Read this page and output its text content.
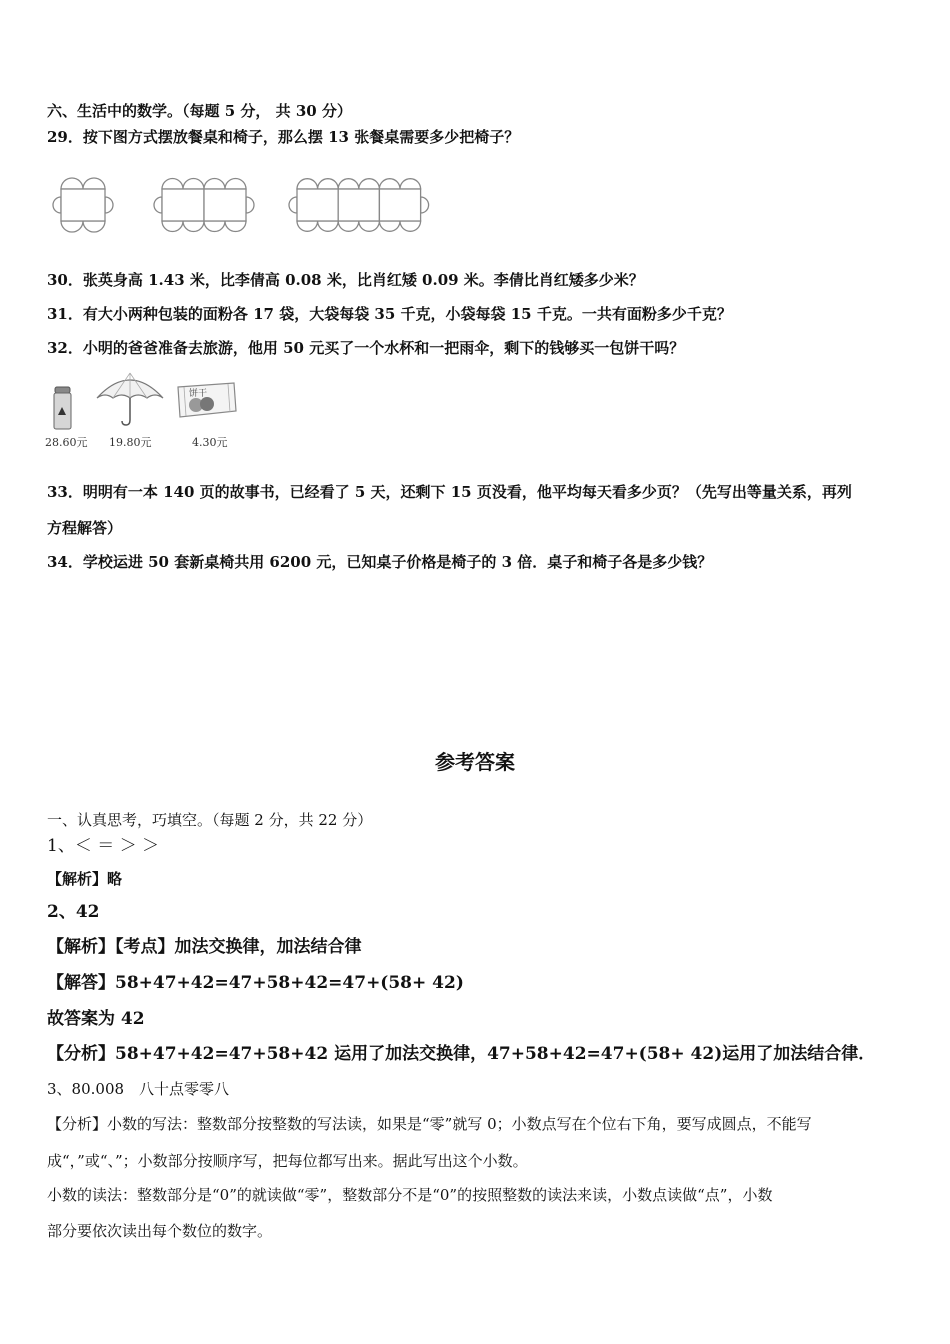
六、生活中的数学。（每题 5 分， 共 30 分）
29．按下图方式摆放餐桌和椅子，那么摆 13 张餐桌需要多少把椅子？
30．张英身高 1.43 米，比李倩高 0.08 米，比肖红矮 0.09 米。李倩比肖红矮多少米？
31．有大小两种包装的面粉各 17 袋，大袋每袋 35 千克，小袋每袋 15 千克。一共有面粉多少千克？
32．小明的爸爸准备去旅游，他用 50 元买了一个水杯和一把雨伞，剩下的钱够买一包饼干吗？
饼干
28.60元 19.80元	4.30元
33．明明有一本 140 页的故事书，已经看了 5 天，还剩下 15 页没看，他平均每天看多少页？（先写出等量关系，再列
方程解答）
34．学校运进 50 套新桌椅共用 6200 元，已知桌子价格是椅子的 3 倍．桌子和椅子各是多少钱？
参考答案
一、认真思考，巧填空。（每题 2 分，共 22 分）
1、＜ ＝ ＞ ＞
【解析】略
2、42
【解析】【考点】加法交换律，加法结合律
【解答】58+47+42=47+58+42=47+(58+ 42)
故答案为 42
【分析】58+47+42=47+58+42 运用了加法交换律，47+58+42=47+(58+ 42)运用了加法结合律．
3、80.008　八十点零零八
【分析】小数的写法：整数部分按整数的写法读，如果是“零”就写 0；小数点写在个位右下角，要写成圆点，不能写
成“，”或“、”；小数部分按顺序写，把每位都写出来。据此写出这个小数。
小数的读法：整数部分是“0”的就读做“零”，整数部分不是“0”的按照整数的读法来读，小数点读做“点”，小数
部分要依次读出每个数位的数字。
